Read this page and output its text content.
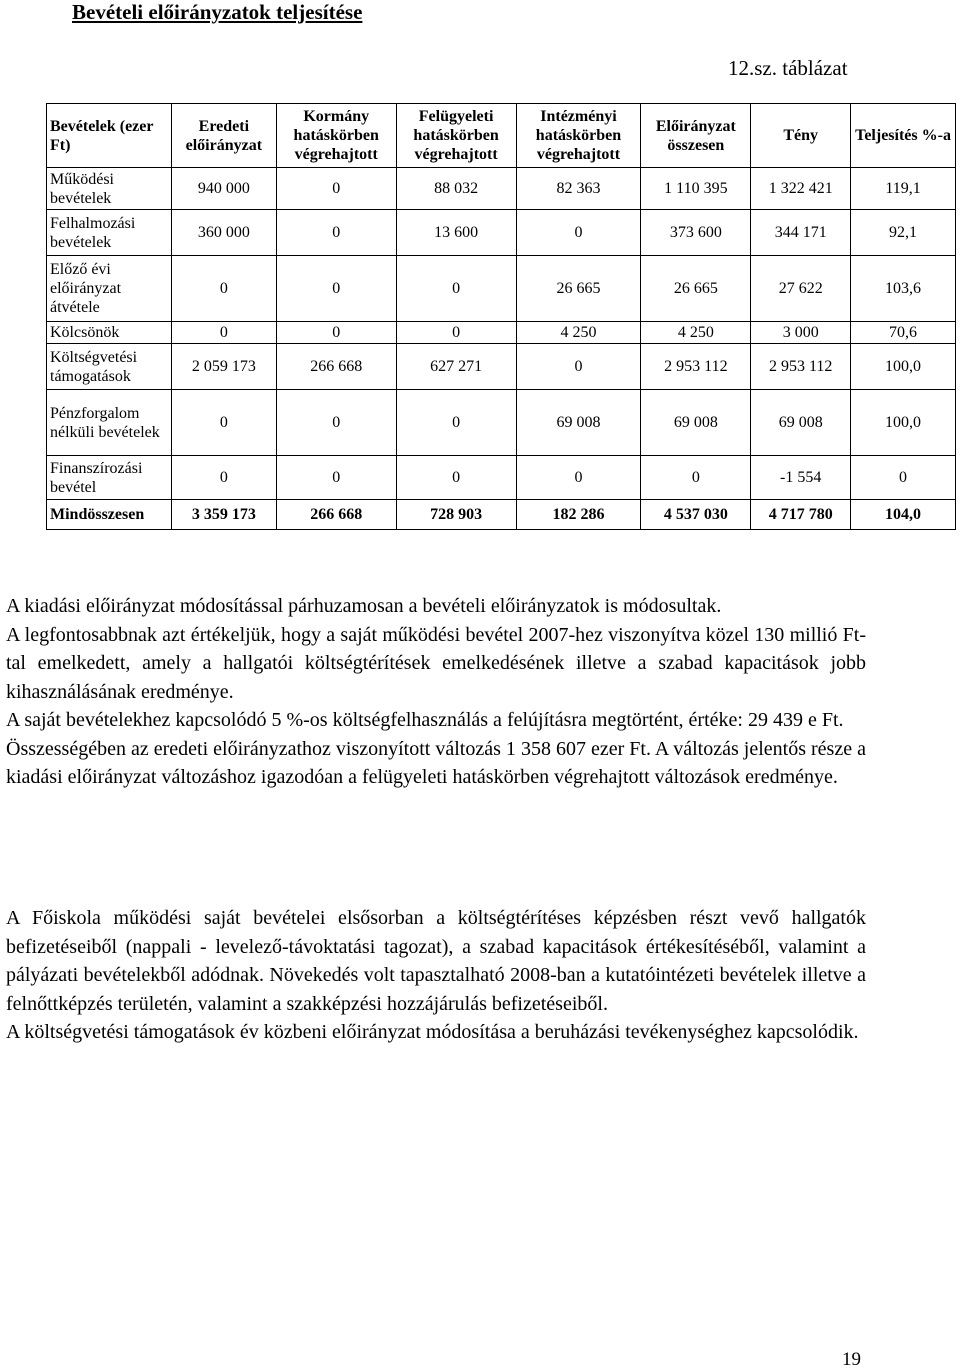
Bevételi előirányzatok teljesítése
12.sz. táblázat
Bevételek (ezer Ft)	Eredeti előirányzat	Kormány hatáskörben végrehajtott	Felügyeleti hatáskörben végrehajtott	Intézményi hatáskörben végrehajtott	Előirányzat összesen	Tény	Teljesítés %-a
Működési bevételek	940 000	0	88 032	82 363	1 110 395	1 322 421	119,1
Felhalmozási bevételek	360 000	0	13 600	0	373 600	344 171	92,1
Előző évi előirányzat átvétele	0	0	0	26 665	26 665	27 622	103,6
Kölcsönök	0	0	0	4 250	4 250	3 000	70,6
Költségvetési támogatások	2 059 173	266 668	627 271	0	2 953 112	2 953 112	100,0
Pénzforgalom nélküli bevételek	0	0	0	69 008	69 008	69 008	100,0
Finanszírozási bevétel	0	0	0	0	0	-1 554	0
Mindösszesen	3 359 173	266 668	728 903	182 286	4 537 030	4 717 780	104,0

A kiadási előirányzat módosítással párhuzamosan a bevételi előirányzatok is módosultak.

A legfontosabbnak azt értékeljük, hogy a saját működési bevétel 2007-hez viszonyítva közel 130 millió Ft-tal emelkedett, amely a hallgatói költségtérítések emelkedésének illetve a szabad kapacitások jobb kihasználásának eredménye.

A saját bevételekhez kapcsolódó 5 %-os költségfelhasználás a felújításra megtörtént, értéke: 29 439 e Ft.

Összességében az eredeti előirányzathoz viszonyított változás 1 358 607 ezer Ft. A változás jelentős része a kiadási előirányzat változáshoz igazodóan a felügyeleti hatáskörben végrehajtott változások eredménye.

A Főiskola működési saját bevételei elsősorban a költségtérítéses képzésben részt vevő hallgatók befizetéseiből (nappali - levelező-távoktatási tagozat), a szabad kapacitások értékesítéséből, valamint a pályázati bevételekből adódnak. Növekedés volt tapasztalható 2008-ban a kutatóintézeti bevételek illetve a felnőttképzés területén, valamint a szakképzési hozzájárulás befizetéseiből.

A költségvetési támogatások év közbeni előirányzat módosítása a beruházási tevékenységhez kapcsolódik.

19
